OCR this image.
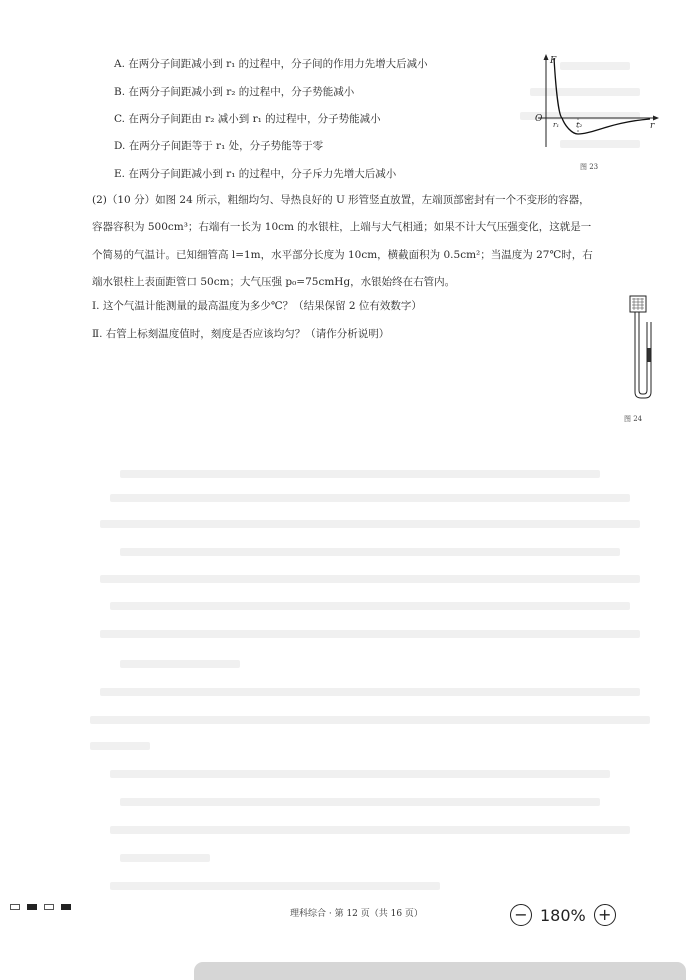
A. 在两分子间距减小到 r₁ 的过程中，分子间的作用力先增大后减小
B. 在两分子间距减小到 r₂ 的过程中，分子势能减小
C. 在两分子间距由 r₂ 减小到 r₁ 的过程中，分子势能减小
D. 在两分子间距等于 r₁ 处，分子势能等于零
E. 在两分子间距减小到 r₁ 的过程中，分子斥力先增大后减小
F
O
r₁ r₂	r
图 23
(2)（10 分）如图 24 所示，粗细均匀、导热良好的 U 形管竖直放置，左端顶部密封有一个不变形的容器，
容器容积为 500cm³；右端有一长为 10cm 的水银柱，上端与大气相通；如果不计大气压强变化，这就是一
个简易的气温计。已知细管高 l=1m，水平部分长度为 10cm，横截面积为 0.5cm²；当温度为 27℃时，右
端水银柱上表面距管口 50cm；大气压强 p₀=75cmHg，水银始终在右管内。
Ⅰ. 这个气温计能测量的最高温度为多少℃？（结果保留 2 位有效数字）
Ⅱ. 右管上标刻温度值时，刻度是否应该均匀？（请作分析说明）
图 24
理科综合 · 第 12 页（共 16 页）	− 180% +
